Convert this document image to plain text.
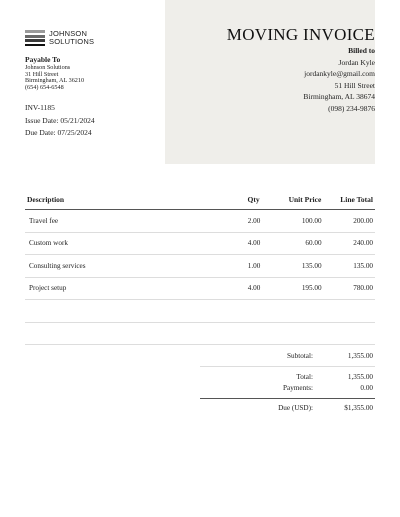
JOHNSON
SOLUTIONS
Payable To
Johnson Solutions
31 Hill Street
Birmingham, AL 36210
(654) 654-6548
INV-1185
Issue Date: 05/21/2024
Due Date: 07/25/2024
MOVING INVOICE
Billed to
Jordan Kyle
jordankyle@gmail.com
51 Hill Street
Birmingham, AL 38674
(098) 234-9876
Description	Qty	Unit Price	Line Total
Travel fee	2.00	100.00	200.00
Custom work	4.00	60.00	240.00
Consulting services	1.00	135.00	135.00
Project setup	4.00	195.00	780.00
Subtotal:	1,355.00
Total:	1,355.00
Payments:	0.00
Due (USD):	$1,355.00
